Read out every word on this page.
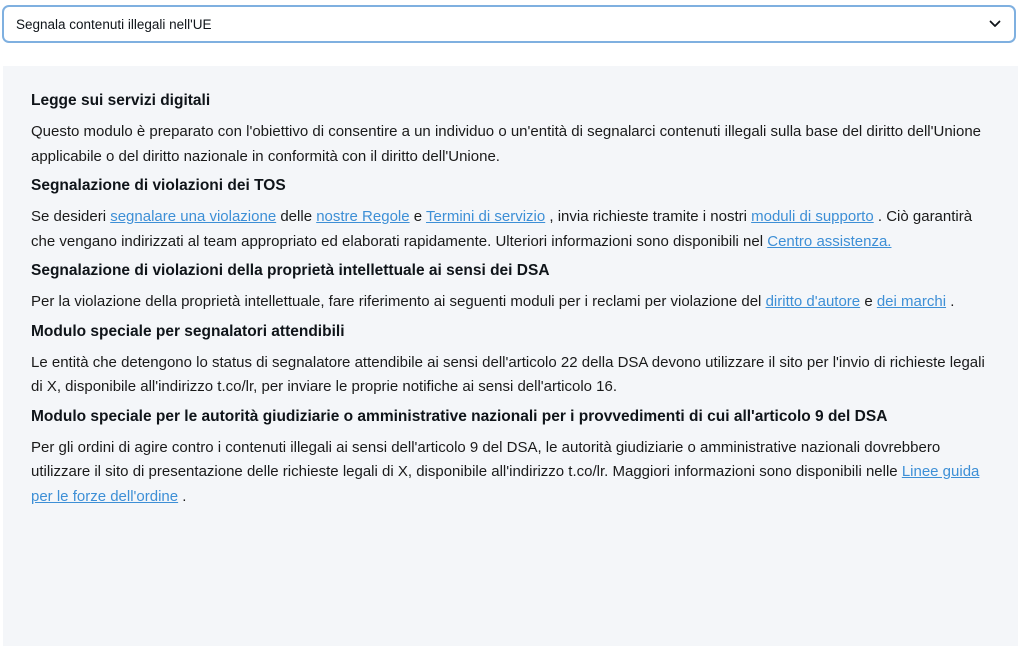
Segnala contenuti illegali nell'UE
Legge sui servizi digitali

Questo modulo è preparato con l'obiettivo di consentire a un individuo o un'entità di segnalarci contenuti illegali sulla base del diritto dell'Unione applicabile o del diritto nazionale in conformità con il diritto dell'Unione.

Segnalazione di violazioni dei TOS

Se desideri segnalare una violazione delle nostre Regole e Termini di servizio , invia richieste tramite i nostri moduli di supporto . Ciò garantirà che vengano indirizzati al team appropriato ed elaborati rapidamente. Ulteriori informazioni sono disponibili nel Centro assistenza.

Segnalazione di violazioni della proprietà intellettuale ai sensi dei DSA

Per la violazione della proprietà intellettuale, fare riferimento ai seguenti moduli per i reclami per violazione del diritto d'autore e dei marchi .

Modulo speciale per segnalatori attendibili

Le entità che detengono lo status di segnalatore attendibile ai sensi dell'articolo 22 della DSA devono utilizzare il sito per l'invio di richieste legali di X, disponibile all'indirizzo t.co/lr, per inviare le proprie notifiche ai sensi dell'articolo 16.

Modulo speciale per le autorità giudiziarie o amministrative nazionali per i provvedimenti di cui all'articolo 9 del DSA

Per gli ordini di agire contro i contenuti illegali ai sensi dell'articolo 9 del DSA, le autorità giudiziarie o amministrative nazionali dovrebbero utilizzare il sito di presentazione delle richieste legali di X, disponibile all'indirizzo t.co/lr. Maggiori informazioni sono disponibili nelle Linee guida per le forze dell'ordine .
